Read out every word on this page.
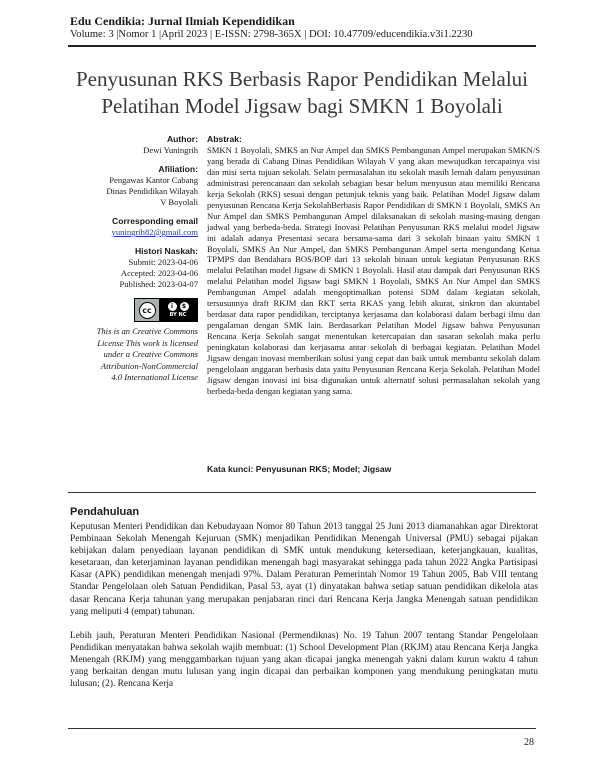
Edu Cendikia: Jurnal Ilmiah Kependidikan
Volume: 3 |Nomor 1 |April 2023 | E-ISSN: 2798-365X | DOI: 10.47709/educendikia.v3i1.2230
Penyusunan RKS Berbasis Rapor Pendidikan Melalui
Pelatihan Model Jigsaw bagi SMKN 1 Boyolali
Author:
Dewi Yuningrih
Afiliation:
Pengawas Kantor Cabang
Dinas Pendidikan Wilayah
V Boyolali
Corresponding email
yuningrih82@gmail.com
Histori Naskah:
Submit: 2023-04-06
Accepted: 2023-04-06
Published: 2023-04-07
cc	i	$
BY NC
This is an Creative Commons License This work is licensed under a Creative Commons Attribution-NonCommercial 4.0 International License
Abstrak:
SMKN 1 Boyolali, SMKS an Nur Ampel dan SMKS Pembangunan Ampel merupakan SMKN/S yang berada di Cabang Dinas Pendidikan Wilayah V yang akan mewujudkan tercapainya visi dan misi serta tujuan sekolah. Selain permasalahan itu sekolah masih lemah dalam penyusunan administrasi perencanaan dan sekolah sebagian besar belum menyusun atau memiliki Rencana kerja Sekolah (RKS) sesuai dengan petunjuk teknis yang baik. Pelatihan Model Jigsaw dalam penyusunan Rencana Kerja SekolahBerbasis Rapor Pendidikan di SMKN 1 Boyolali, SMKS An Nur Ampel dan SMKS Pembangunan Ampel dilaksanakan di sekolah masing-masing dengan jadwal yang berbeda-beda. Strategi Inovasi Pelatihan Penyusunan RKS melalui model Jigsaw ini adalah adanya Presentasi secara bersama-sama dari 3 sekolah binaan yaitu SMKN 1 Boyolali, SMKS An Nur Ampel, dan SMKS Pembangunan Ampel serta mengundang Ketua TPMPS dan Bendahara BOS/BOP dari 13 sekolah binaan untuk kegiatan Penyusunan RKS melalui Pelatihan model Jigsaw di SMKN 1 Boyolali. Hasil atau dampak dari Penyusunan RKS melalui Pelatihan model Jigsaw bagi SMKN 1 Boyolali, SMKS An Nur Ampel dan SMKS Pembangunan Ampel adalah mengoptimalkan potensi SDM dalam kegiatan sekolah, tersusunnya draft RKJM dan RKT serta RKAS yang lebih akurat, sinkron dan akuntabel berdasar data rapor pendidikan, terciptanya kerjasama dan kolaborasi dalam berbagi ilmu dan pengalaman dengan SMK lain. Berdasarkan Pelatihan Model Jigsaw bahwa Penyusunan Rencana Kerja Sekolah sangat menentukan ketercapaian dan sasaran sekolah maka perlu peningkatan kolaborasi dan kerjasama antar sekolah di berbagai kegiatan. Pelatihan Model Jigsaw dengan inovasi memberikan solusi yang cepat dan baik untuk membantu sekolah dalam pengelolaan anggaran berbasis data yaitu Penyusunan Rencana Kerja Sekolah. Pelatihan Model Jigsaw dengan inovasi ini bisa digunakan untuk alternatif solusi permasalahan sekolah yang berbeda-beda dengan kegiatan yang sama.
Kata kunci: Penyusunan RKS; Model; Jigsaw
Pendahuluan

Keputusan Menteri Pendidikan dan Kebudayaan Nomor 80 Tahun 2013 tanggal 25 Juni 2013 diamanahkan agar Direktorat Pembinaan Sekolah Menengah Kejuruan (SMK) menjadikan Pendidikan Menengah Universal (PMU) sebagai pijakan kebijakan dalam penyediaan layanan pendidikan di SMK untuk mendukung ketersediaan, keterjangkauan, kualitas, kesetaraan, dan keterjaminan layanan pendidikan menengah bagi masyarakat sehingga pada tahun 2022 Angka Partisipasi Kasar (APK) pendidikan menengah menjadi 97%. Dalam Peraturan Pemerintah Nomor 19 Tahun 2005, Bab VIII tentang Standar Pengelolaan oleh Satuan Pendidikan, Pasal 53, ayat (1) dinyatakan bahwa setiap satuan pendidikan dikelola atas dasar Rencana Kerja tahunan yang merupakan penjabaran rinci dari Rencana Kerja Jangka Menengah satuan pendidikan yang meliputi 4 (empat) tahunan.

Lebih jauh, Peraturan Menteri Pendidikan Nasional (Permendiknas) No. 19 Tahun 2007 tentang Standar Pengelolaan Pendidikan menyatakan bahwa sekolah wajib membuat: (1) School Development Plan (RKJM) atau Rencana Kerja Jangka Menengah (RKJM) yang menggambarkan tujuan yang akan dicapai jangka menengah yakni dalam kurun waktu 4 tahun yang berkaitan dengan mutu lulusan yang ingin dicapai dan perbaikan komponen yang mendukung peningkatan mutu lulusan; (2). Rencana Kerja

28
